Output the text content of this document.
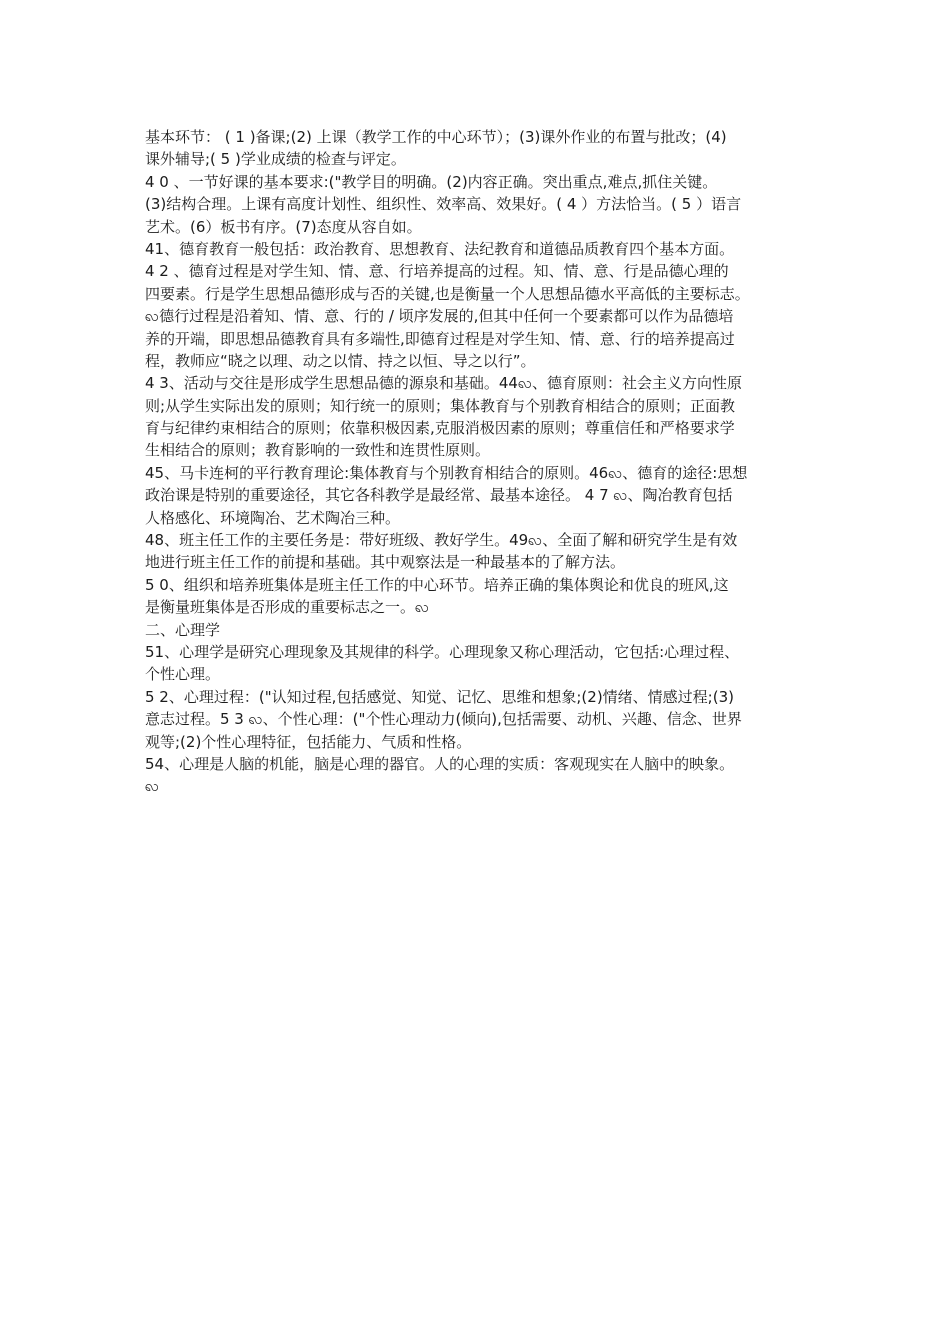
基本环节： ( 1 )备课;(2) 上课（教学工作的中心环节）；(3)课外作业的布置与批改；(4)
课外辅导;( 5 )学业成绩的检查与评定。
4 0 、一节好课的基本要求:("教学目的明确。(2)内容正确。突出重点,难点,抓住关键。
(3)结构合理。上课有高度计划性、组织性、效率高、效果好。( 4 ）方法恰当。( 5 ）语言
艺术。(6）板书有序。(7)态度从容自如。
41、德育教育一般包括：政治教育、思想教育、法纪教育和道德品质教育四个基本方面。
4 2 、德育过程是对学生知、情、意、行培养提高的过程。知、情、意、行是品德心理的
四要素。行是学生思想品德形成与否的关键,也是衡量一个人思想品德水平高低的主要标志。
ꩮ德行过程是沿着知、情、意、行的 / 顷序发展的,但其中任何一个要素都可以作为品德培
养的开端，即思想品德教育具有多端性,即德育过程是对学生知、情、意、行的培养提高过
程，教师应“晓之以理、动之以情、持之以恒、导之以行”。
4 3、活动与交往是形成学生思想品德的源泉和基础。44ꩮ、德育原则：社会主义方向性原
则;从学生实际出发的原则；知行统一的原则；集体教育与个别教育相结合的原则；正面教
育与纪律约束相结合的原则；依靠积极因素,克服消极因素的原则；尊重信任和严格要求学
生相结合的原则；教育影响的一致性和连贯性原则。
45、马卡连柯的平行教育理论:集体教育与个别教育相结合的原则。46ꩮ、德育的途径:思想
政治课是特别的重要途径，其它各科教学是最经常、最基本途径。 4 7 ꩮ、陶冶教育包括
人格感化、环境陶冶、艺术陶冶三种。
48、班主任工作的主要任务是：带好班级、教好学生。49ꩮ、全面了解和研究学生是有效
地进行班主任工作的前提和基础。其中观察法是一种最基本的了解方法。
5 0、组织和培养班集体是班主任工作的中心环节。培养正确的集体舆论和优良的班风,这
是衡量班集体是否形成的重要标志之一。ꩮ
二、心理学
51、心理学是研究心理现象及其规律的科学。心理现象又称心理活动，它包括:心理过程、
个性心理。
5 2、心理过程：("认知过程,包括感觉、知觉、记忆、思维和想象;(2)情绪、情感过程;(3)
意志过程。5 3 ꩮ、个性心理：("个性心理动力(倾向),包括需要、动机、兴趣、信念、世界
观等;(2)个性心理特征，包括能力、气质和性格。
54、心理是人脑的机能，脑是心理的器官。人的心理的实质：客观现实在人脑中的映象。
ꩮ
